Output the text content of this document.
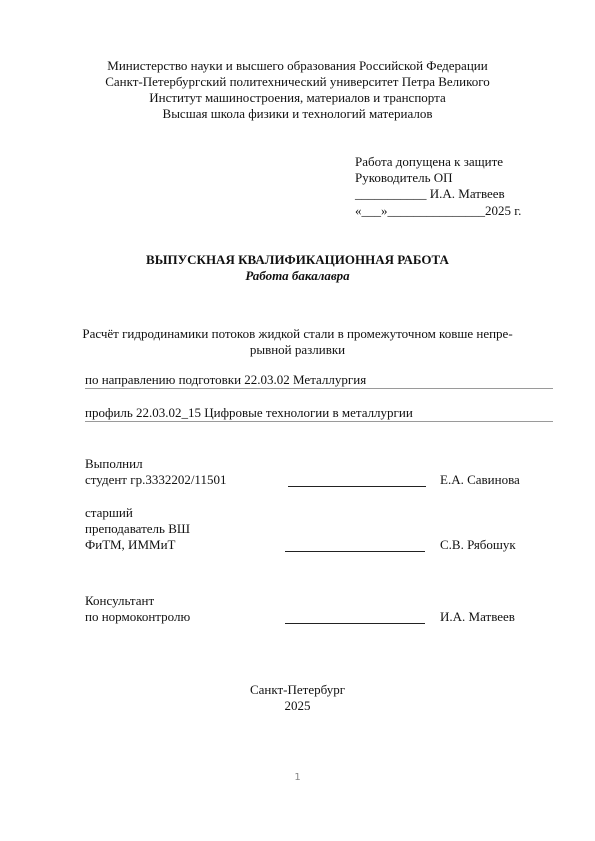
Министерство науки и высшего образования Российской Федерации
Санкт-Петербургский политехнический университет Петра Великого
Институт машиностроения, материалов и транспорта
Высшая школа физики и технологий материалов
Работа допущена к защите
Руководитель ОП
___________ И.А. Матвеев
«___»_______________2025 г.
ВЫПУСКНАЯ КВАЛИФИКАЦИОННАЯ РАБОТА
Работа бакалавра
Расчёт гидродинамики потоков жидкой стали в промежуточном ковше непре-
рывной разливки
по направлению подготовки 22.03.02 Металлургия
профиль 22.03.02_15 Цифровые технологии в металлургии
Выполнил
студент гр.3332202/11501	Е.А. Савинова
старший
преподаватель ВШ
ФиТМ, ИММиТ	С.В. Рябошук
Консультант
по нормоконтролю	И.А. Матвеев
Санкт-Петербург
2025
1
